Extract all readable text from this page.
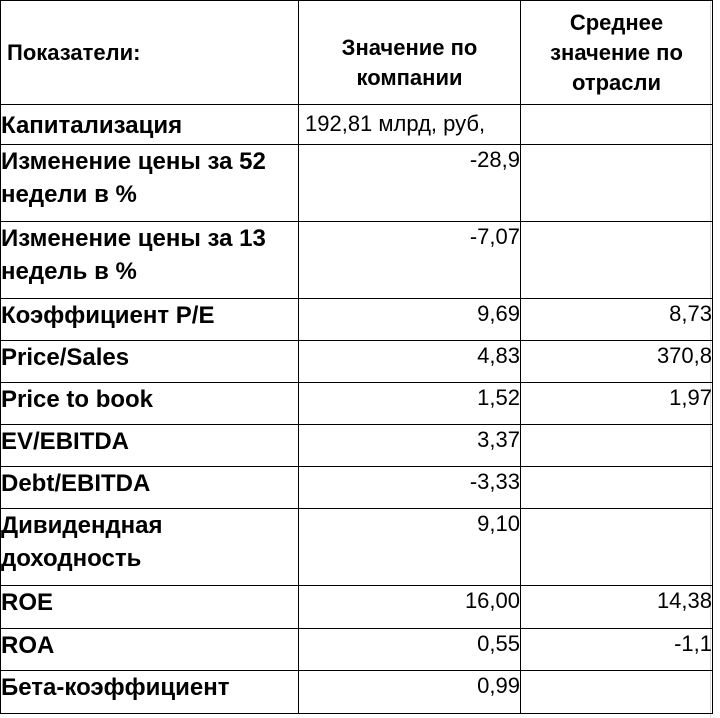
Показатели:	Значение по компании	Среднее значение по отрасли
Капитализация	192,81 млрд, руб,	
Изменение цены за 52 недели в %	-28,9	
Изменение цены за 13 недель в %	-7,07	
Коэффициент P/E	9,69	8,73
Price/Sales	4,83	370,8
Price to book	1,52	1,97
EV/EBITDA	3,37	
Debt/EBITDA	-3,33	
Дивидендная доходность	9,10	
ROE	16,00	14,38
ROA	0,55	-1,1
Бета-коэффициент	0,99	
